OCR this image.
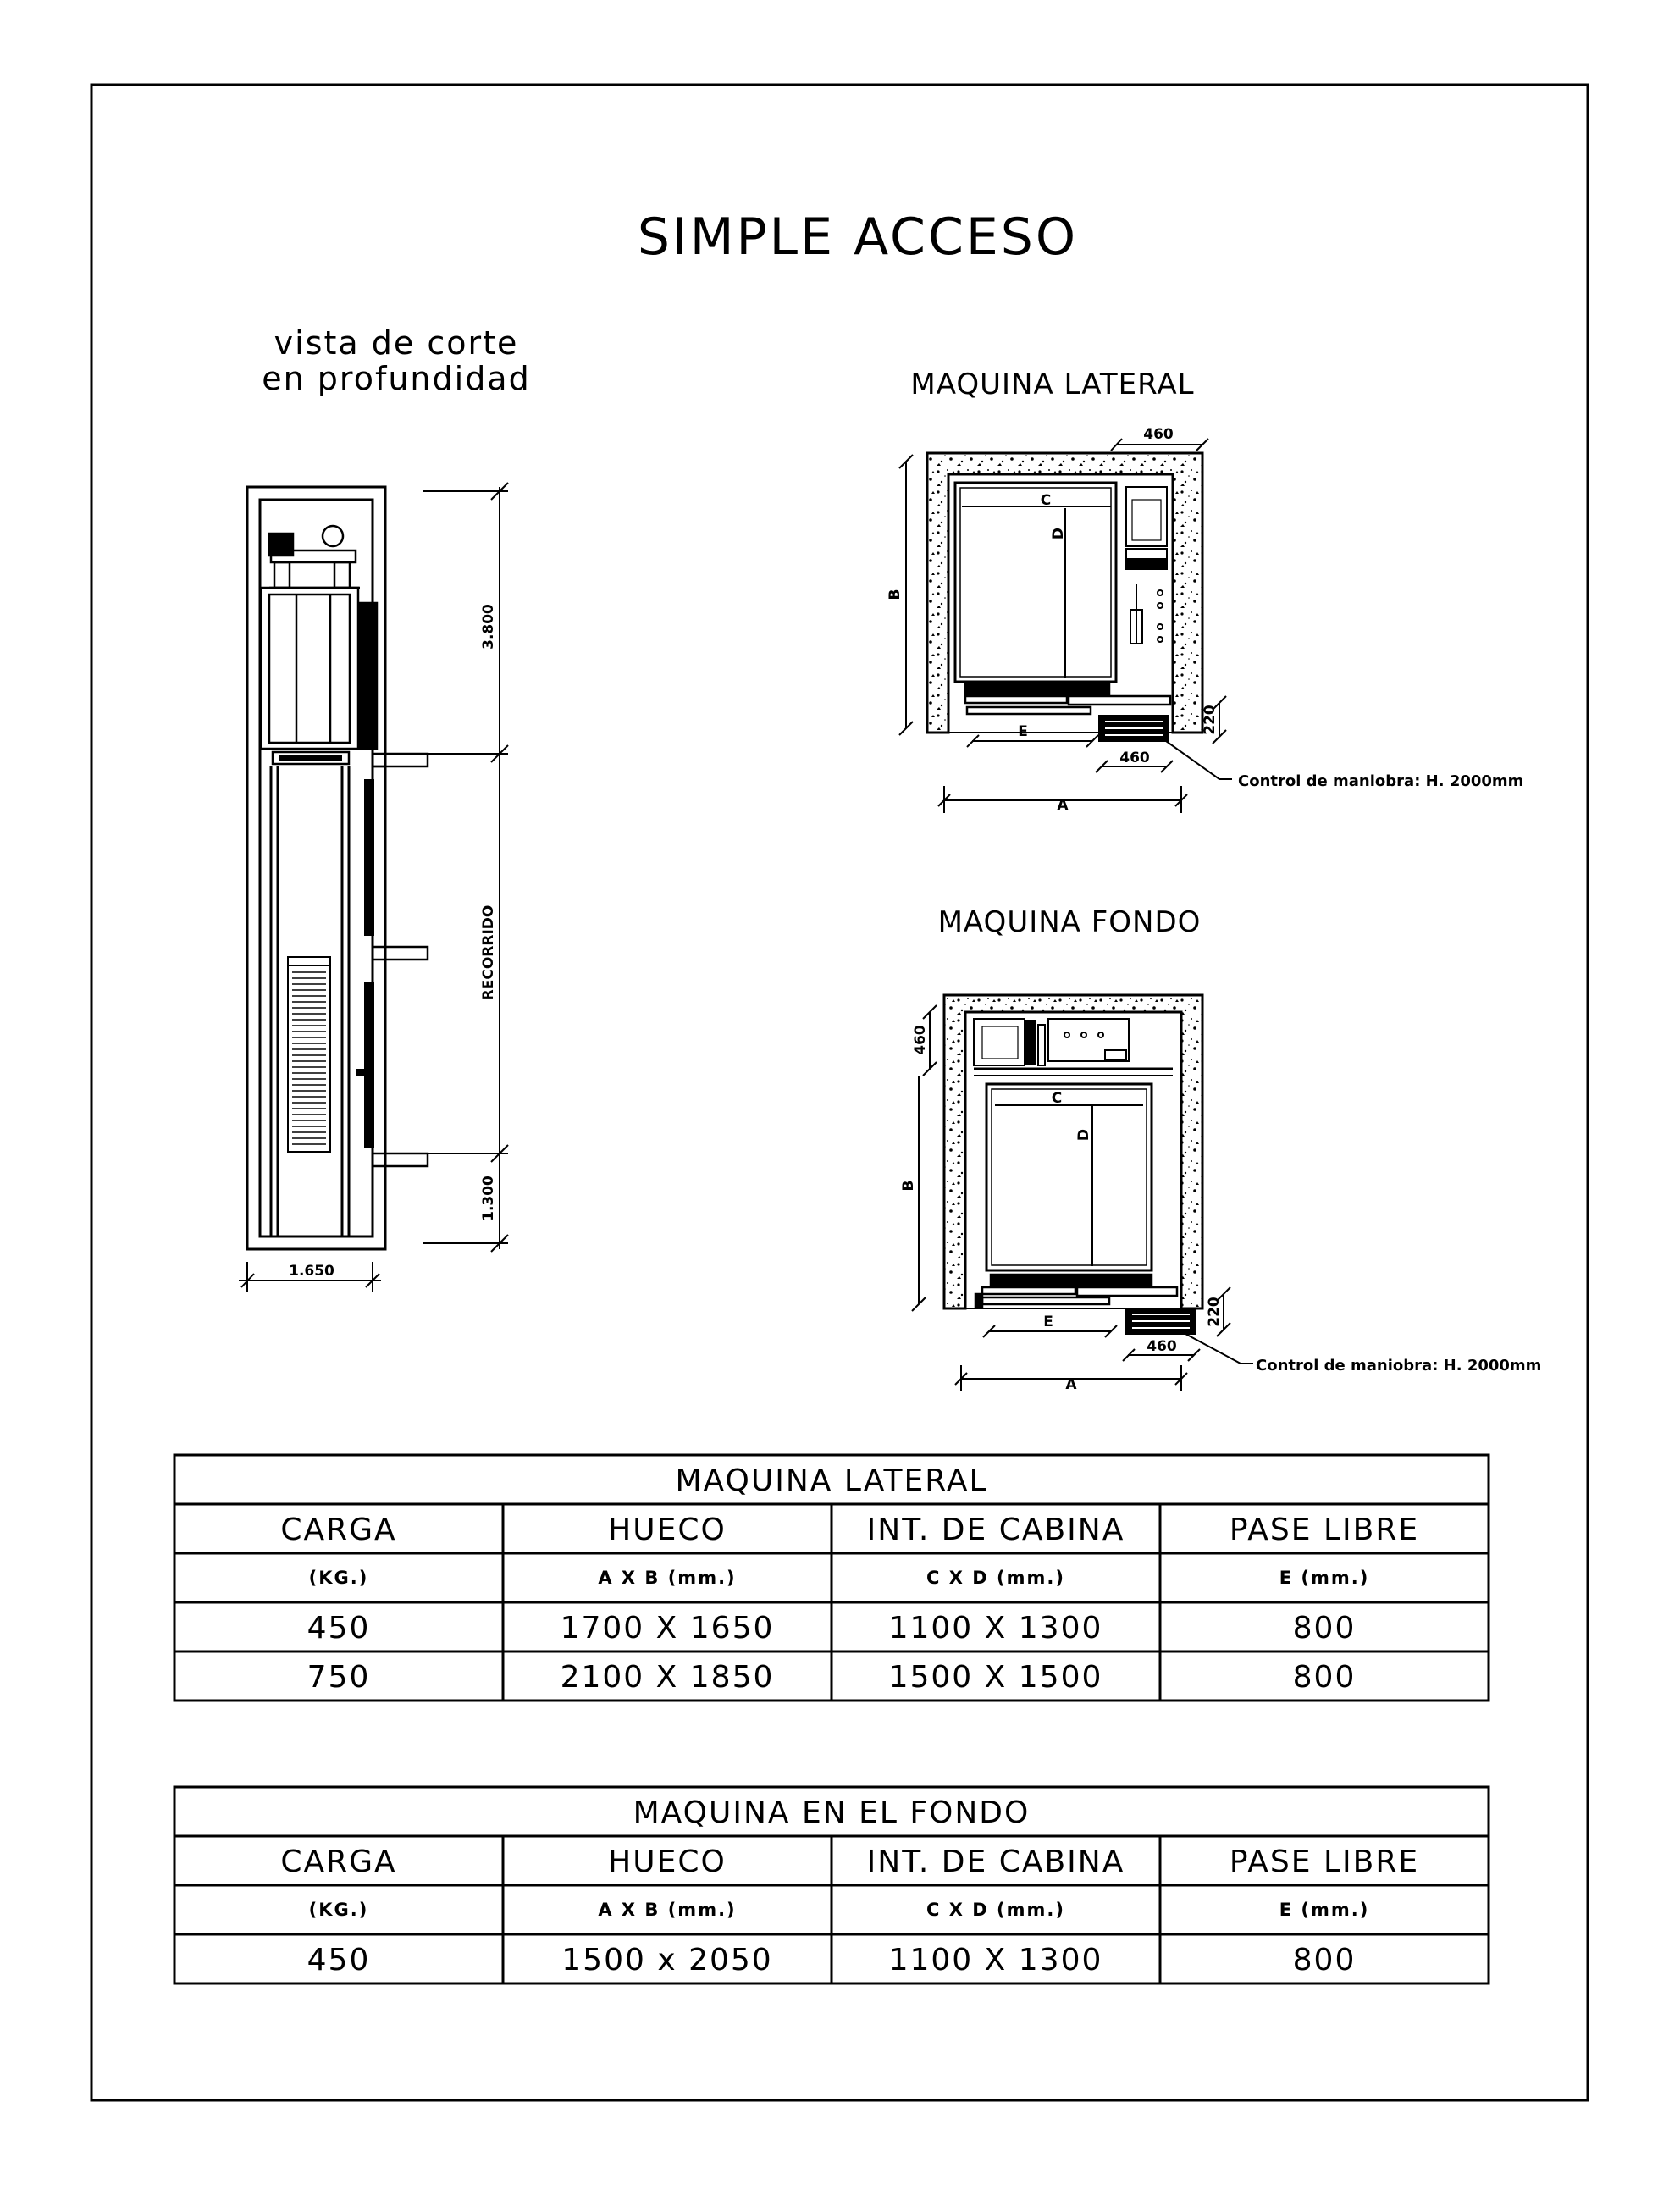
SIMPLE ACCESO
vista de corte
en profundidad
3.800
RECORRIDO
1.300
1.650
MAQUINA LATERAL
C
D
460
B
E
460
220
A
Control de maniobra: H. 2000mm
MAQUINA FONDO
C
D
460
B
E
460
220
A
Control de maniobra: H. 2000mm
MAQUINA LATERAL
CARGA	HUECO	INT. DE CABINA	PASE LIBRE
(KG.)	A X B (mm.)	C X D (mm.)	E (mm.)
450	1700 X 1650	1100 X 1300	800
750	2100 X 1850	1500 X 1500	800
MAQUINA EN EL FONDO
CARGA	HUECO	INT. DE CABINA	PASE LIBRE
(KG.)	A X B (mm.)	C X D (mm.)	E (mm.)
450	1500 x 2050	1100 X 1300	800
